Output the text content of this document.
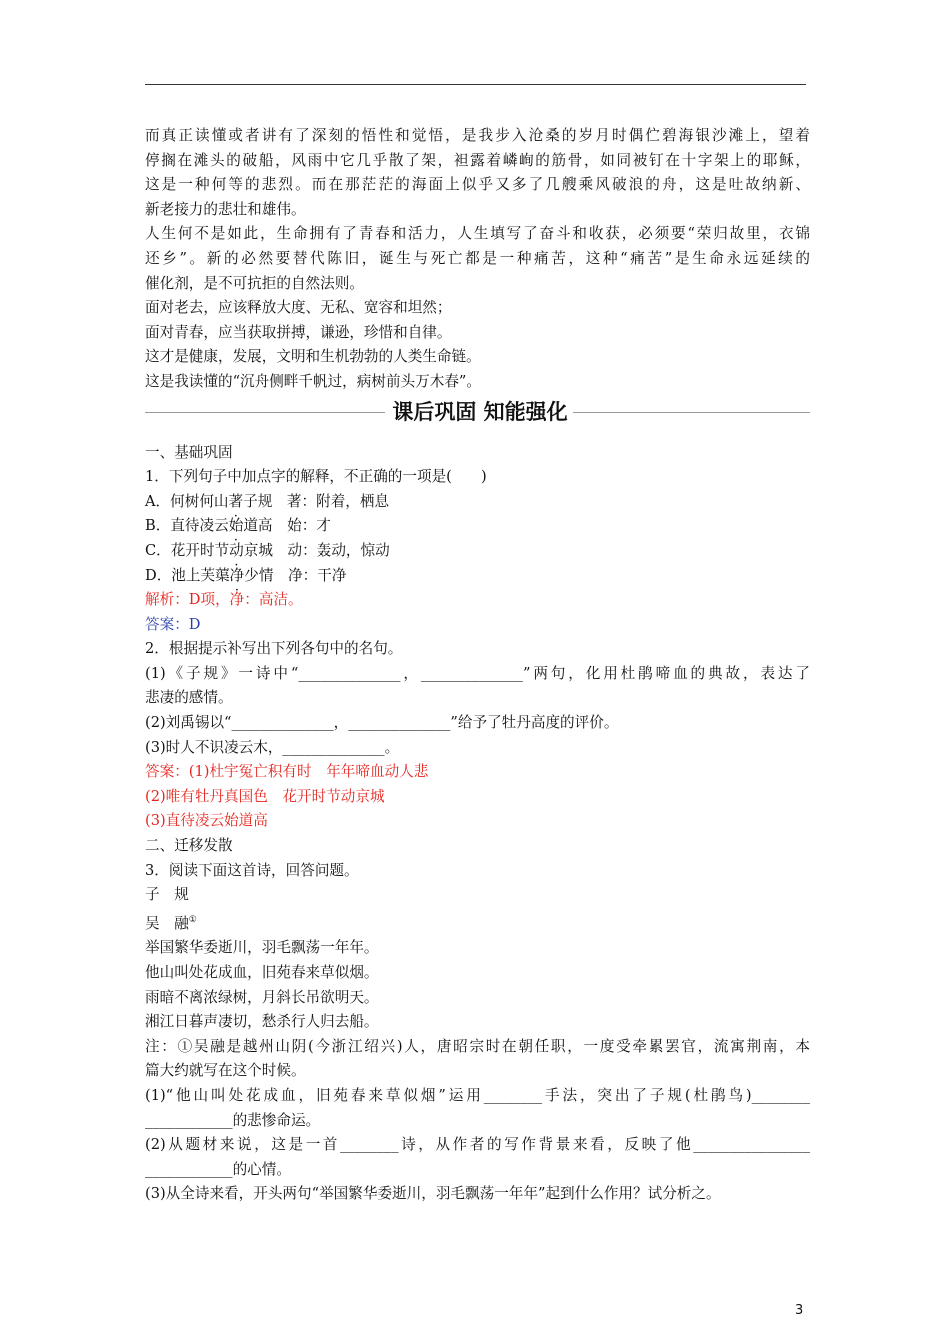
而真正读懂或者讲有了深刻的悟性和觉悟，是我步入沧桑的岁月时偶伫碧海银沙滩上，望着
停搁在滩头的破船，风雨中它几乎散了架，袒露着嶙峋的筋骨，如同被钉在十字架上的耶稣，
这是一种何等的悲烈。而在那茫茫的海面上似乎又多了几艘乘风破浪的舟，这是吐故纳新、
新老接力的悲壮和雄伟。
人生何不是如此，生命拥有了青春和活力，人生填写了奋斗和收获，必须要“荣归故里，衣锦
还乡”。新的必然要替代陈旧，诞生与死亡都是一种痛苦，这种“痛苦”是生命永远延续的
催化剂，是不可抗拒的自然法则。
面对老去，应该释放大度、无私、宽容和坦然；
面对青春，应当获取拼搏，谦逊，珍惜和自律。
这才是健康，发展，文明和生机勃勃的人类生命链。
这是我读懂的“沉舟侧畔千帆过，病树前头万木春”。
课后巩固 知能强化
一、基础巩固
1．下列句子中加点字的解释，不正确的一项是(　　)
A．何树何山著子规　著：附着，栖息
B．直待凌云始道高　始：才
C．花开时节动京城　动：轰动，惊动
D．池上芙蕖净少情　净：干净
解析：D项，净：高洁。
答案：D
2．根据提示补写出下列各句中的名句。
(1)《子规》一诗中“______________，______________”两句，化用杜鹃啼血的典故，表达了
悲凄的感情。
(2)刘禹锡以“______________，______________”给予了牡丹高度的评价。
(3)时人不识凌云木，______________。
答案：(1)杜宇冤亡积有时　年年啼血动人悲
(2)唯有牡丹真国色　花开时节动京城
(3)直待凌云始道高
二、迁移发散
3．阅读下面这首诗，回答问题。
子　规
吴　融①
举国繁华委逝川，羽毛飘荡一年年。
他山叫处花成血，旧苑春来草似烟。
雨暗不离浓绿树，月斜长吊欲明天。
湘江日暮声凄切，愁杀行人归去船。
注：①吴融是越州山阴(今浙江绍兴)人，唐昭宗时在朝任职，一度受牵累罢官，流寓荆南，本
篇大约就写在这个时候。
(1)“他山叫处花成血，旧苑春来草似烟”运用________手法，突出了子规(杜鹃鸟)________
____________的悲惨命运。
(2)从题材来说，这是一首________诗，从作者的写作背景来看，反映了他________________
____________的心情。
(3)从全诗来看，开头两句“举国繁华委逝川，羽毛飘荡一年年”起到什么作用？试分析之。
3
